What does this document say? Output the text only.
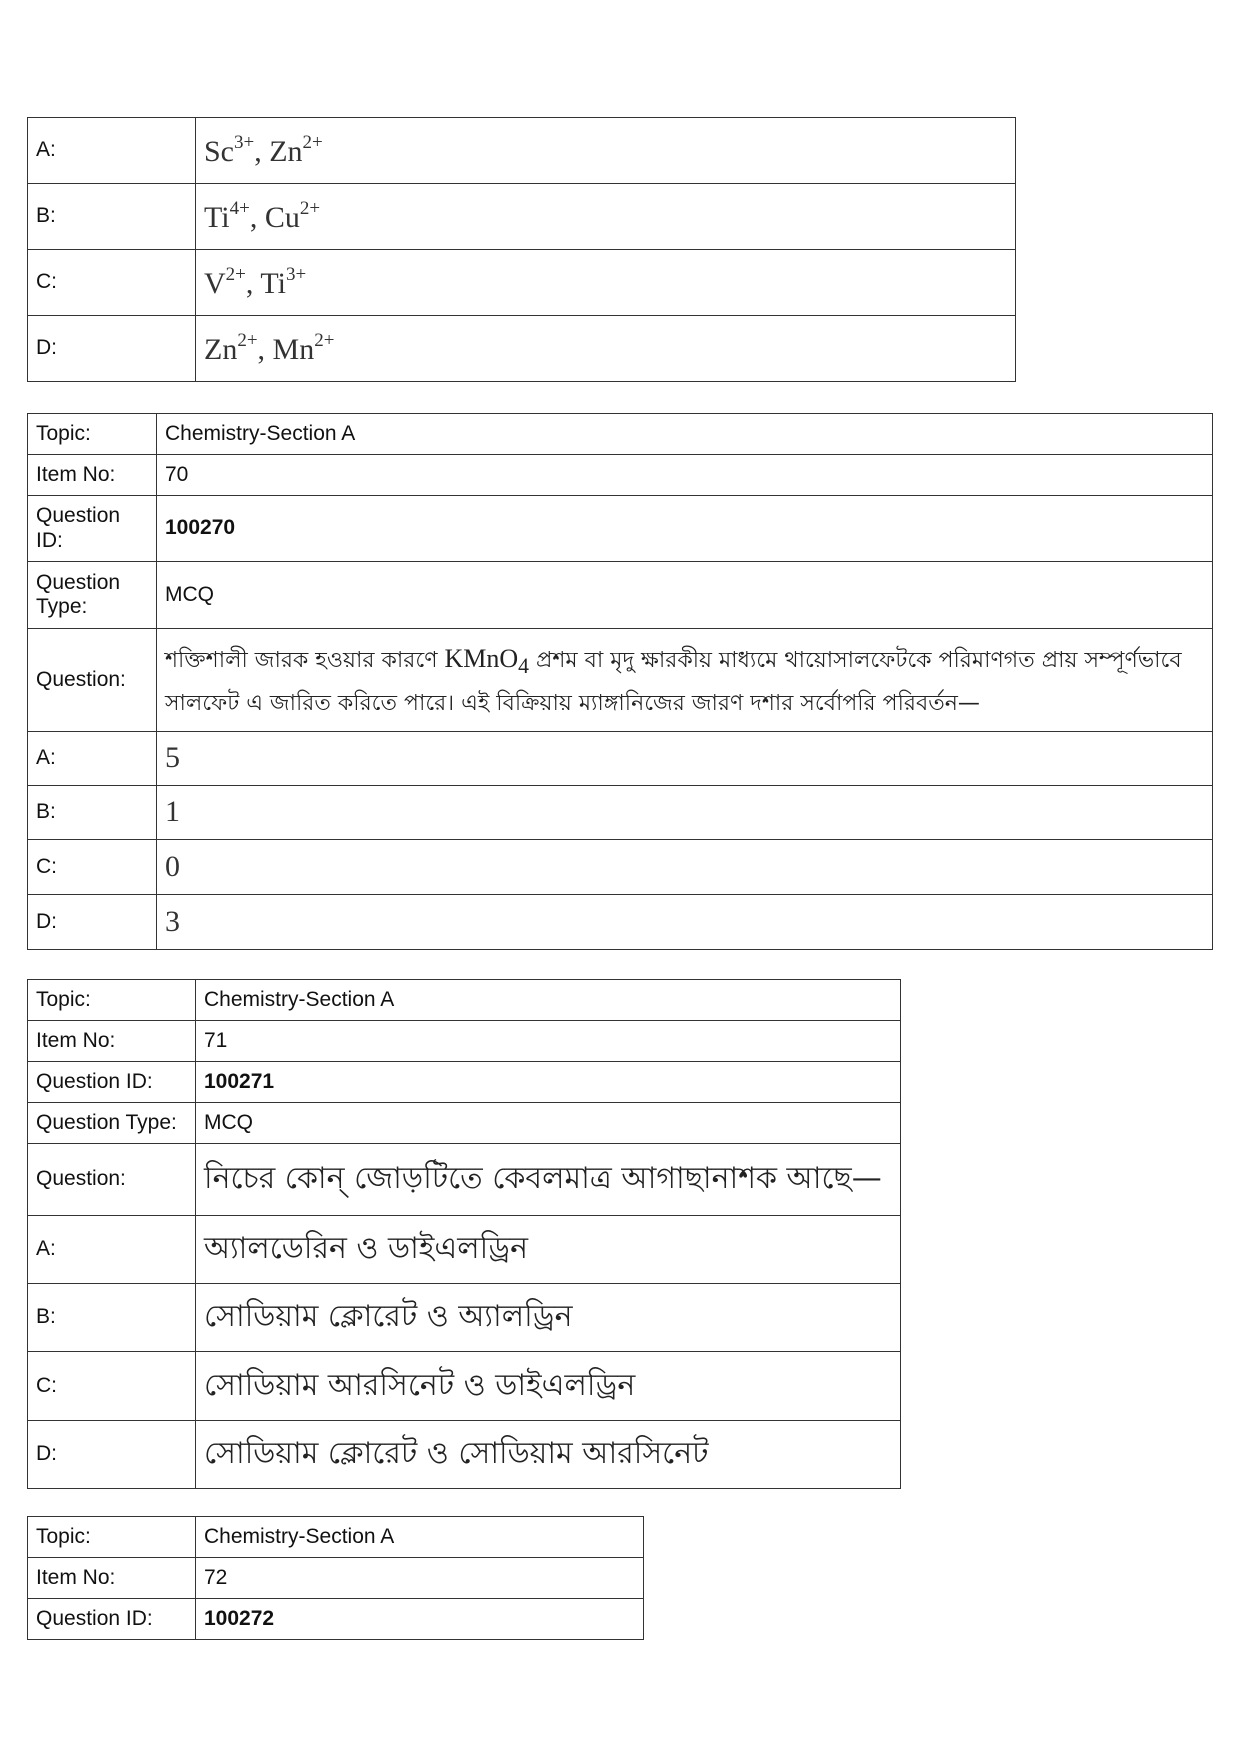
A:	$Sc^{3+}$, $Zn^{2+}$
B:	$Ti^{4+}$, $Cu^{2+}$
C:	$V^{2+}$, $Ti^{3+}$
D:	$Zn^{2+}$, $Mn^{2+}$
Topic:	Chemistry-Section A
Item No:	70
Question ID:	100270
Question Type:	MCQ
Question:	শক্তিশালী জারক হওয়ার কারণে KMnO$_4$ প্রশম বা মৃদু ক্ষারকীয় মাধ্যমে থায়োসালফেটকে পরিমাণগত প্রায় সম্পূর্ণভাবে সালফেট এ জারিত করিতে পারে। এই বিক্রিয়ায় ম্যাঙ্গানিজের জারণ দশার সর্বোপরি পরিবর্তন—
A:	5
B:	1
C:	0
D:	3
Topic:	Chemistry-Section A
Item No:	71
Question ID:	100271
Question Type:	MCQ
Question:	নিচের কোন্ জোড়টিতে কেবলমাত্র আগাছানাশক আছে—
A:	অ্যালডেরিন ও ডাইএলড্রিন
B:	সোডিয়াম ক্লোরেট ও অ্যালড্রিন
C:	সোডিয়াম আরসিনেট ও ডাইএলড্রিন
D:	সোডিয়াম ক্লোরেট ও সোডিয়াম আরসিনেট
Topic:	Chemistry-Section A
Item No:	72
Question ID:	100272
